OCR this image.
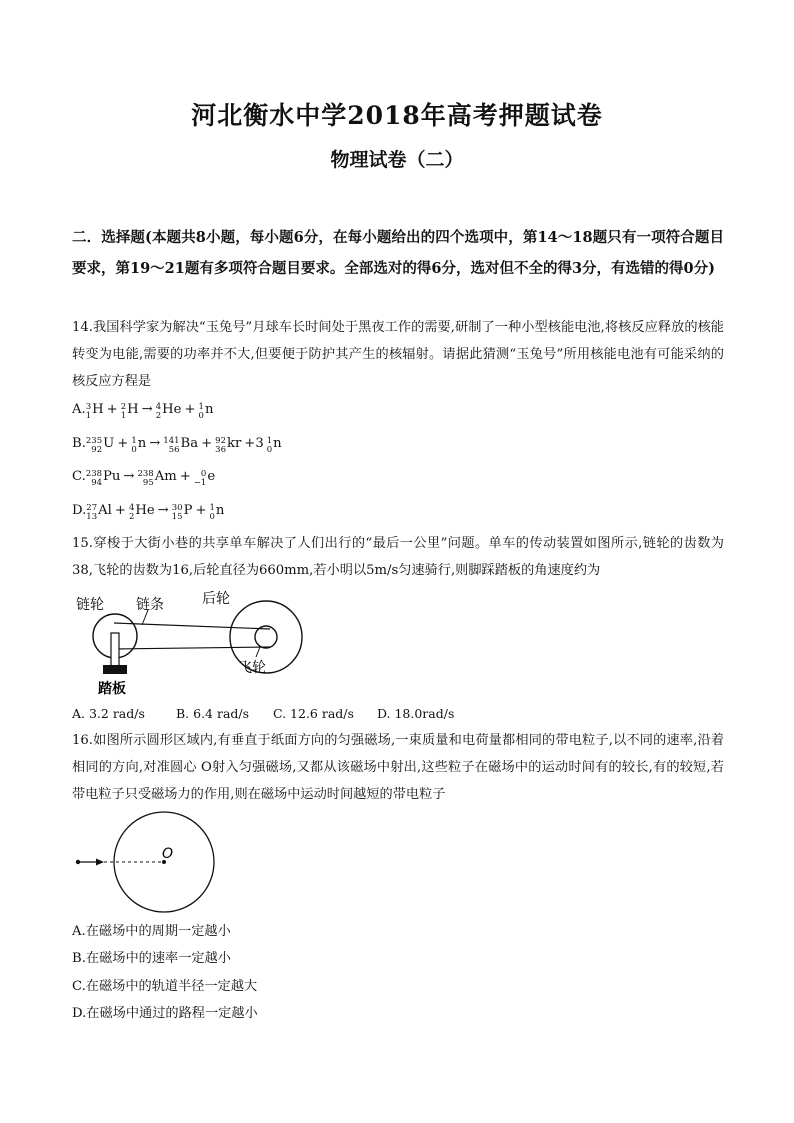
河北衡水中学2018年高考押题试卷
物理试卷（二）
二．选择题(本题共8小题，每小题6分，在每小题给出的四个选项中，第14～18题只有一项符合题目要求，第19～21题有多项符合题目要求。全部选对的得6分，选对但不全的得3分，有选错的得0分)
14.我国科学家为解决“玉兔号”月球车长时间处于黑夜工作的需要,研制了一种小型核能电池,将核反应释放的核能转变为电能,需要的功率并不大,但要便于防护其产生的核辐射。请据此猜测“玉兔号”所用核能电池有可能采纳的核反应方程是
A. 3
1 H + 2
1 H → 4
2 He + 1
0 n
B. 235
92 U + 1
0 n → 141
56 Ba + 92
36 kr +3 1
0 n
C. 238
94 Pu → 238
95 Am +	0
−1 e
D. 27
13 Al + 4
2 He → 30
15 P + 1
0 n
15.穿梭于大街小巷的共享单车解决了人们出行的“最后一公里”问题。单车的传动装置如图所示,链轮的齿数为38,飞轮的齿数为16,后轮直径为660mm,若小明以5m/s匀速骑行,则脚踩踏板的角速度约为
链轮 链条	后轮
飞轮
踏板
A. 3.2 rad/s B. 6.4 rad/s C. 12.6 rad/s D. 18.0rad/s
16.如图所示圆形区域内,有垂直于纸面方向的匀强磁场,一束质量和电荷量都相同的带电粒子,以不同的速率,沿着相同的方向,对准圆心 O射入匀强磁场,又都从该磁场中射出,这些粒子在磁场中的运动时间有的较长,有的较短,若带电粒子只受磁场力的作用,则在磁场中运动时间越短的带电粒子
O
A.在磁场中的周期一定越小
B.在磁场中的速率一定越小
C.在磁场中的轨道半径一定越大
D.在磁场中通过的路程一定越小
